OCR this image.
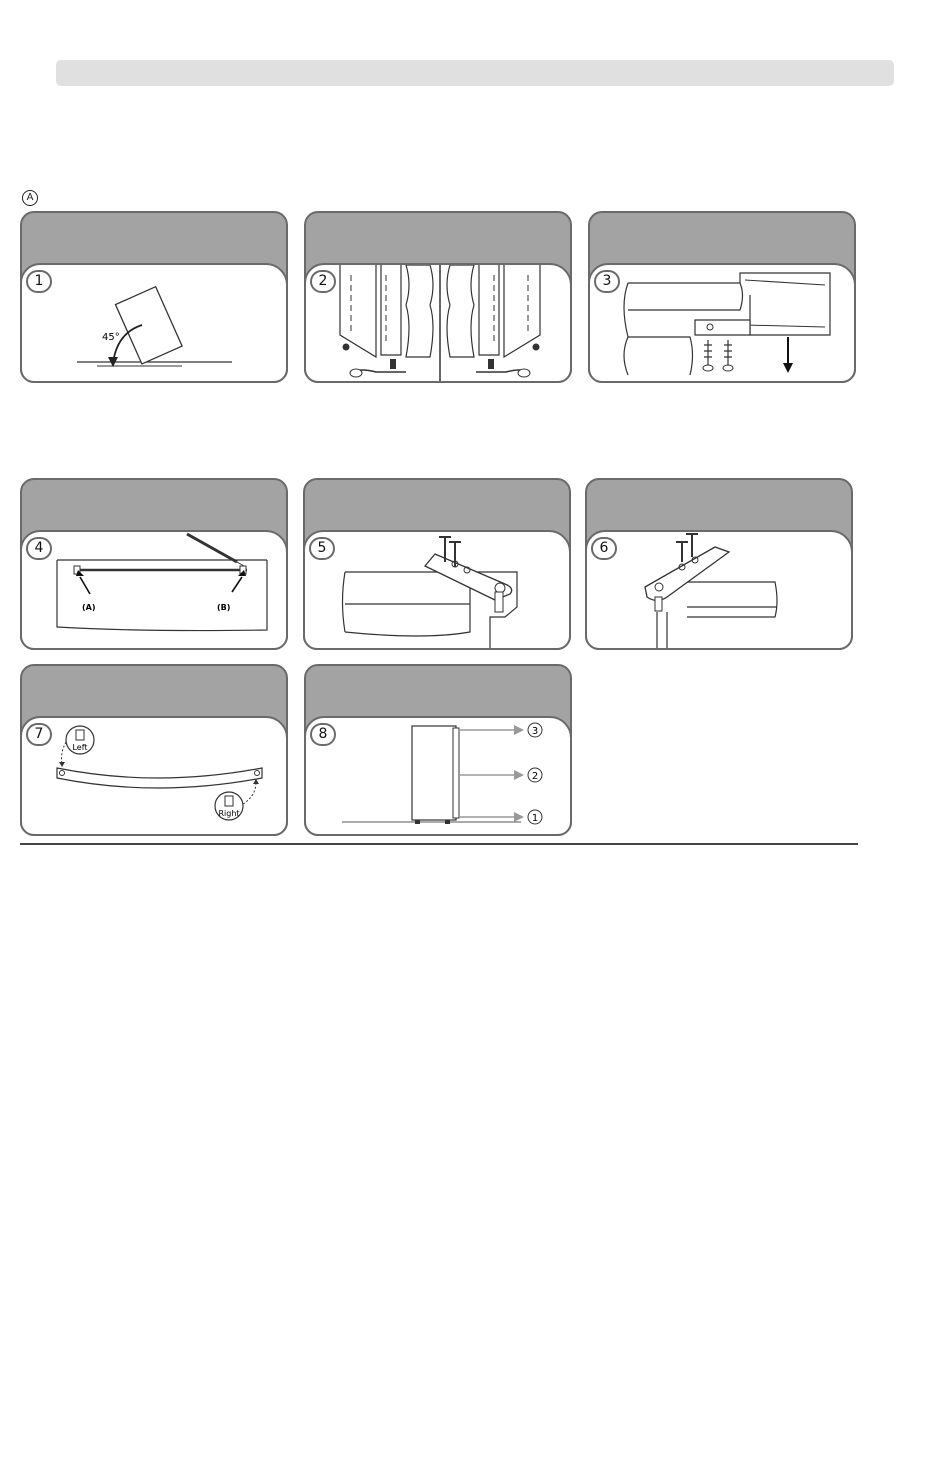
A
1
45°
2	3
4
(A)	(B)
5	6
7
Left
Right
8	3
2
1
